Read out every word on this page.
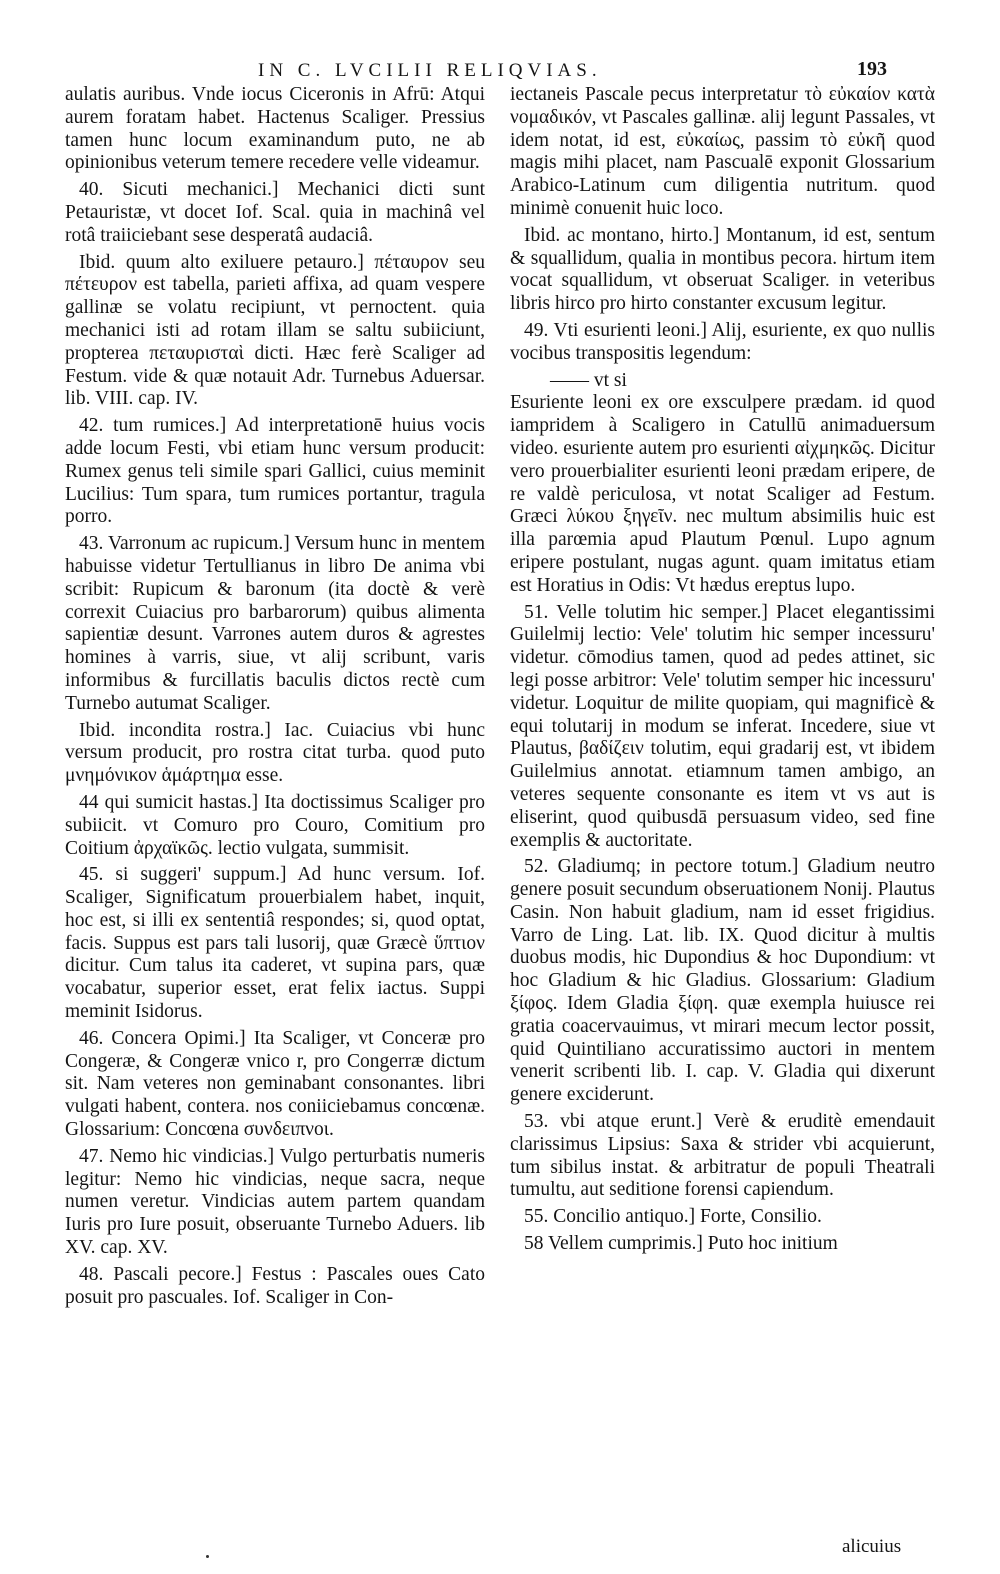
IN C. LVCILII RELIQVIAS.	193

aulatis auribus. Vnde iocus Ciceronis in Afrū: Atqui aurem foratam habet. Hactenus Scaliger. Pressius tamen hunc locum examinandum puto, ne ab opinionibus veterum temere recedere velle videamur.

40. Sicuti mechanici.] Mechanici dicti sunt Petauristæ, vt docet Iof. Scal. quia in machinâ vel rotâ traiiciebant sese desperatâ audaciâ.

Ibid. quum alto exiluere petauro.] πέταυρον seu πέτευρον est tabella, parieti affixa, ad quam vespere gallinæ se volatu recipiunt, vt pernoctent. quia mechanici isti ad rotam illam se saltu subiiciunt, propterea πεταυρισταὶ dicti. Hæc ferè Scaliger ad Festum. vide & quæ notauit Adr. Turnebus Aduersar. lib. VIII. cap. IV.

42. tum rumices.] Ad interpretationē huius vocis adde locum Festi, vbi etiam hunc versum producit: Rumex genus teli simile spari Gallici, cuius meminit Lucilius: Tum spara, tum rumices portantur, tragula porro.

43. Varronum ac rupicum.] Versum hunc in mentem habuisse videtur Tertullianus in libro De anima vbi scribit: Rupicum & baronum (ita doctè & verè correxit Cuiacius pro barbarorum) quibus alimenta sapientiæ desunt. Varrones autem duros & agrestes homines à varris, siue, vt alij scribunt, varis informibus & furcillatis baculis dictos rectè cum Turnebo autumat Scaliger.

Ibid. incondita rostra.] Iac. Cuiacius vbi hunc versum producit, pro rostra citat turba. quod puto μνημόνικον ἁμάρτημα esse.

44 qui sumicit hastas.] Ita doctissimus Scaliger pro subiicit. vt Comuro pro Couro, Comitium pro Coitium ἀρχαϊκῶς. lectio vulgata, summisit.

45. si suggeri' suppum.] Ad hunc versum. Iof. Scaliger, Significatum prouerbialem habet, inquit, hoc est, si illi ex sententiâ respondes; si, quod optat, facis. Suppus est pars tali lusorij, quæ Græcè ὕπτιον dicitur. Cum talus ita caderet, vt supina pars, quæ vocabatur, superior esset, erat felix iactus. Suppi meminit Isidorus.

46. Concera Opimi.] Ita Scaliger, vt Conceræ pro Congeræ, & Congeræ vnico r, pro Congerræ dictum sit. Nam veteres non geminabant consonantes. libri vulgati habent, contera. nos coniiciebamus concœnæ. Glossarium: Concœna συνδειπνοι.

47. Nemo hic vindicias.] Vulgo perturbatis numeris legitur: Nemo hic vindicias, neque sacra, neque numen veretur. Vindicias autem partem quandam Iuris pro Iure posuit, obseruante Turnebo Aduers. lib XV. cap. XV.

48. Pascali pecore.] Festus : Pascales oues Cato posuit pro pascuales. Iof. Scaliger in Con-

iectaneis Pascale pecus interpretatur τὸ εὐκαίον κατὰ νομαδικόν, vt Pascales gallinæ. alij legunt Passales, vt idem notat, id est, εὐκαίως, passim τὸ εὐκῆ quod magis mihi placet, nam Pascualē exponit Glossarium Arabico-Latinum cum diligentia nutritum. quod minimè conuenit huic loco.

Ibid. ac montano, hirto.] Montanum, id est, sentum & squallidum, qualia in montibus pecora. hirtum item vocat squallidum, vt obseruat Scaliger. in veteribus libris hirco pro hirto constanter excusum legitur.

49. Vti esurienti leoni.] Alij, esuriente, ex quo nullis vocibus transpositis legendum:

—— vt si

Esuriente leoni ex ore exsculpere prædam. id quod iampridem à Scaligero in Catullū animaduersum video. esuriente autem pro esurienti αἰχμηκῶς. Dicitur vero prouerbialiter esurienti leoni prædam eripere, de re valdè periculosa, vt notat Scaliger ad Festum. Græci λύκου ξηγεῖν. nec multum absimilis huic est illa parœmia apud Plautum Pœnul. Lupo agnum eripere postulant, nugas agunt. quam imitatus etiam est Horatius in Odis: Vt hædus ereptus lupo.

51. Velle tolutim hic semper.] Placet elegantissimi Guilelmij lectio: Vele' tolutim hic semper incessuru' videtur. cōmodius tamen, quod ad pedes attinet, sic legi posse arbitror: Vele' tolutim semper hic incessuru' videtur. Loquitur de milite quopiam, qui magnificè & equi tolutarij in modum se inferat. Incedere, siue vt Plautus, βαδίζειν tolutim, equi gradarij est, vt ibidem Guilelmius annotat. etiamnum tamen ambigo, an veteres sequente consonante es item vt vs aut is eliserint, quod quibusdā persuasum video, sed fine exemplis & auctoritate.

52. Gladiumq; in pectore totum.] Gladium neutro genere posuit secundum obseruationem Nonij. Plautus Casin. Non habuit gladium, nam id esset frigidius. Varro de Ling. Lat. lib. IX. Quod dicitur à multis duobus modis, hic Dupondius & hoc Dupondium: vt hoc Gladium & hic Gladius. Glossarium: Gladium ξίφος. Idem Gladia ξίφη. quæ exempla huiusce rei gratia coacervauimus, vt mirari mecum lector possit, quid Quintiliano accuratissimo auctori in mentem venerit scribenti lib. I. cap. V. Gladia qui dixerunt genere exciderunt.

53. vbi atque erunt.] Verè & eruditè emendauit clarissimus Lipsius: Saxa & strider vbi acquierunt, tum sibilus instat. & arbitratur de populi Theatrali tumultu, aut seditione forensi capiendum.

55. Concilio antiquo.] Forte, Consilio.

58 Vellem cumprimis.] Puto hoc initium

alicuius
